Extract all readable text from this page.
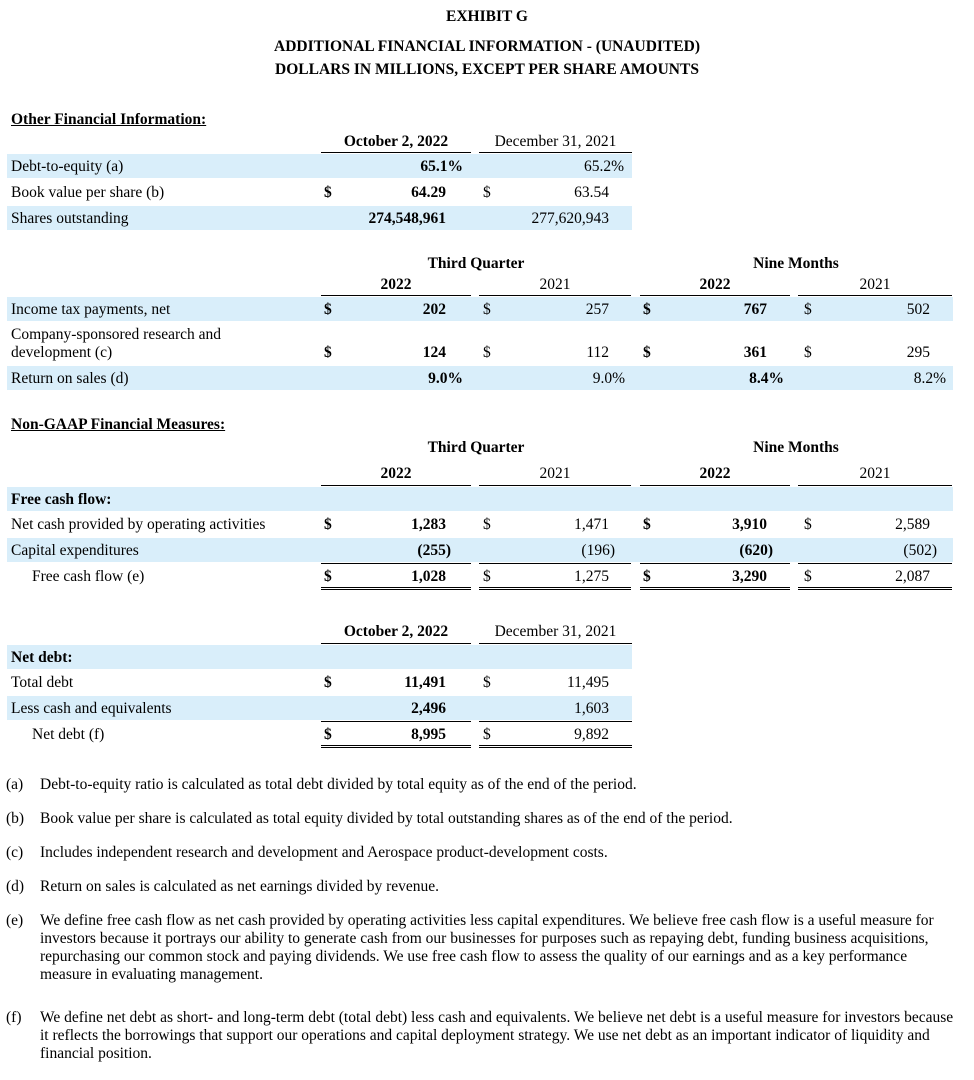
EXHIBIT G
ADDITIONAL FINANCIAL INFORMATION - (UNAUDITED)
DOLLARS IN MILLIONS, EXCEPT PER SHARE AMOUNTS
Other Financial Information:
October 2, 2022	December 31, 2021
Debt-to-equity (a)	65.1%	65.2%
Book value per share (b)	$	64.29 $	63.54
Shares outstanding	274,548,961	277,620,943
Third Quarter	Nine Months
2022	2021	2022	2021
Income tax payments, net	$	202 $	257 $	767 $	502
Company-sponsored research and
development (c)	$	124 $	112 $	361 $	295
Return on sales (d)	9.0%	9.0%	8.4%	8.2%
Non-GAAP Financial Measures:
Third Quarter	Nine Months
2022	2021	2022	2021
Free cash flow:
Net cash provided by operating activities	$	1,283 $	1,471 $	3,910 $	2,589
Capital expenditures	(255)	(196)	(620)	(502)
Free cash flow (e)	$	1,028 $	1,275 $	3,290 $	2,087
October 2, 2022	December 31, 2021
Net debt:
Total debt	$	11,491 $	11,495
Less cash and equivalents	2,496	1,603
Net debt (f)	$	8,995 $	9,892
(a) Debt-to-equity ratio is calculated as total debt divided by total equity as of the end of the period.
(b) Book value per share is calculated as total equity divided by total outstanding shares as of the end of the period.
(c) Includes independent research and development and Aerospace product-development costs.
(d) Return on sales is calculated as net earnings divided by revenue.
(e) We define free cash flow as net cash provided by operating activities less capital expenditures. We believe free cash flow is a useful measure for investors because it portrays our ability to generate cash from our businesses for purposes such as repaying debt, funding business acquisitions, repurchasing our common stock and paying dividends. We use free cash flow to assess the quality of our earnings and as a key performance measure in evaluating management.
(f) We define net debt as short- and long-term debt (total debt) less cash and equivalents. We believe net debt is a useful measure for investors because it reflects the borrowings that support our operations and capital deployment strategy. We use net debt as an important indicator of liquidity and financial position.
